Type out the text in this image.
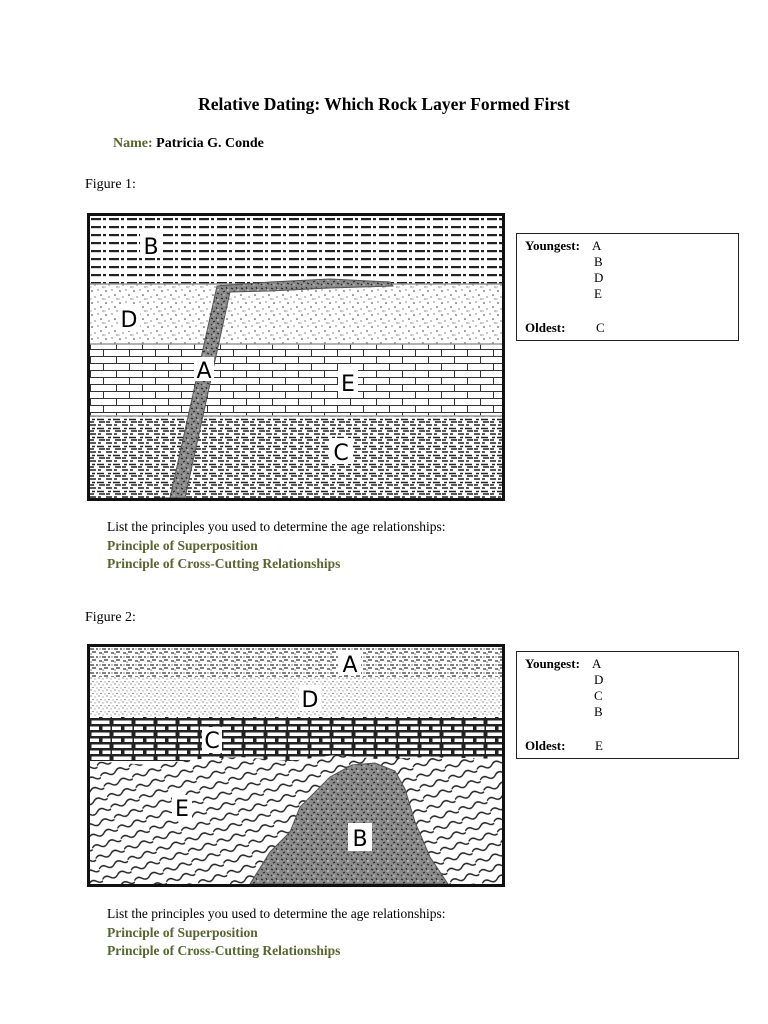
Relative Dating: Which Rock Layer Formed First
Name: Patricia G. Conde
Figure 1:
B
D
A
E
C
Youngest: A
B
D
E
Oldest: C
List the principles you used to determine the age relationships:
Principle of Superposition
Principle of Cross-Cutting Relationships
Figure 2:
A
D
C
E
B
Youngest: A
D
C
B
Oldest: E
List the principles you used to determine the age relationships:
Principle of Superposition
Principle of Cross-Cutting Relationships
